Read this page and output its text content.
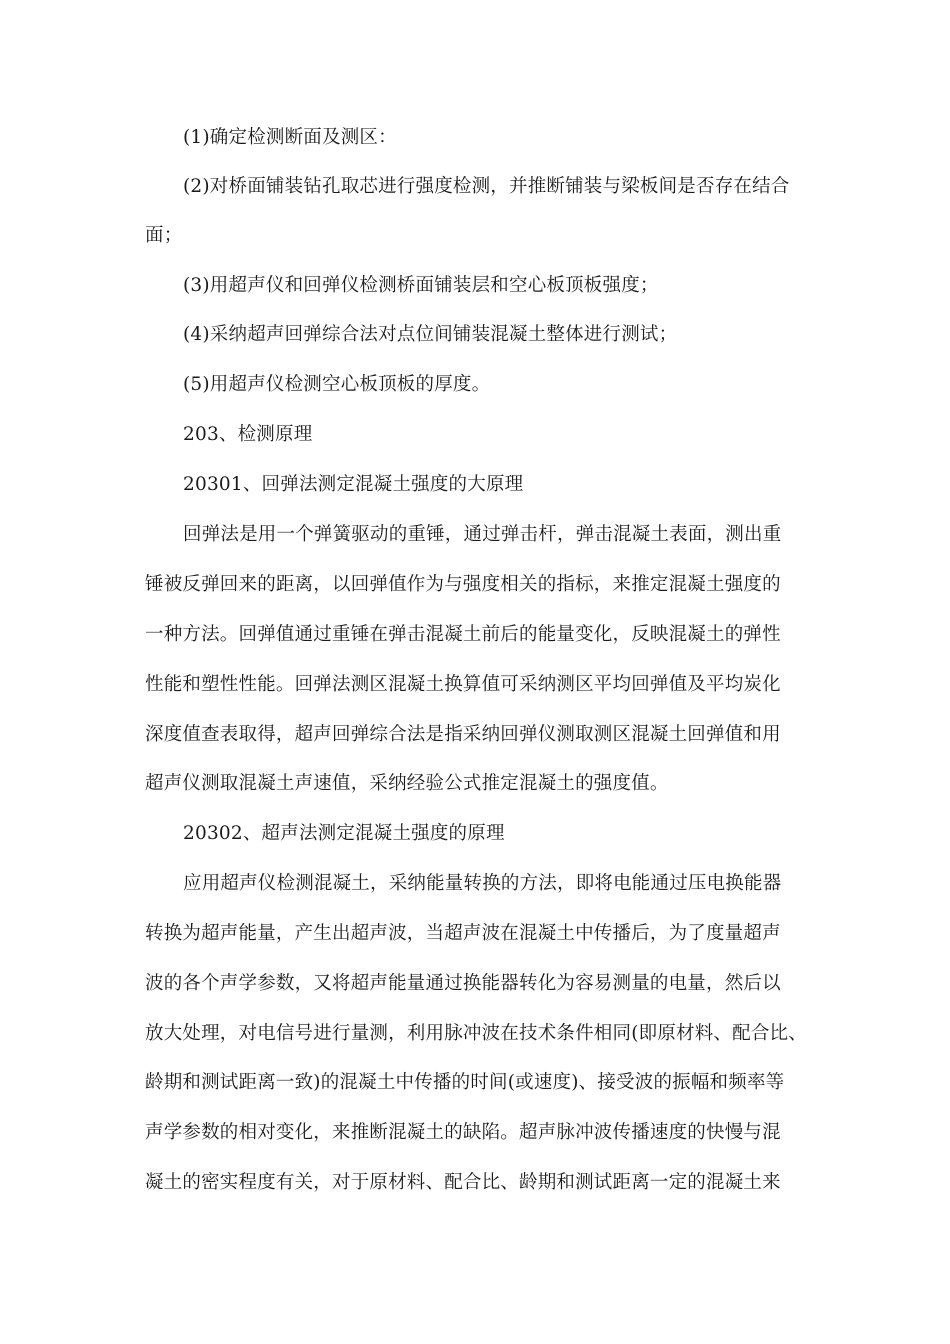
(1)确定检测断面及测区：
(2)对桥面铺装钻孔取芯进行强度检测，并推断铺装与梁板间是否存在结合
面；
(3)用超声仪和回弹仪检测桥面铺装层和空心板顶板强度；
(4)采纳超声回弹综合法对点位间铺装混凝土整体进行测试；
(5)用超声仪检测空心板顶板的厚度。
203、检测原理
20301、回弹法测定混凝土强度的大原理
回弹法是用一个弹簧驱动的重锤，通过弹击杆，弹击混凝土表面，测出重
锤被反弹回来的距离，以回弹值作为与强度相关的指标，来推定混凝土强度的
一种方法。回弹值通过重锤在弹击混凝土前后的能量变化，反映混凝土的弹性
性能和塑性性能。回弹法测区混凝土换算值可采纳测区平均回弹值及平均炭化
深度值查表取得，超声回弹综合法是指采纳回弹仪测取测区混凝土回弹值和用
超声仪测取混凝土声速值，采纳经验公式推定混凝土的强度值。
20302、超声法测定混凝土强度的原理
应用超声仪检测混凝土，采纳能量转换的方法，即将电能通过压电换能器
转换为超声能量，产生出超声波，当超声波在混凝土中传播后，为了度量超声
波的各个声学参数，又将超声能量通过换能器转化为容易测量的电量，然后以
放大处理，对电信号进行量测，利用脉冲波在技术条件相同(即原材料、配合比、
龄期和测试距离一致)的混凝土中传播的时间(或速度)、接受波的振幅和频率等
声学参数的相对变化，来推断混凝土的缺陷。超声脉冲波传播速度的快慢与混
凝土的密实程度有关，对于原材料、配合比、龄期和测试距离一定的混凝土来
